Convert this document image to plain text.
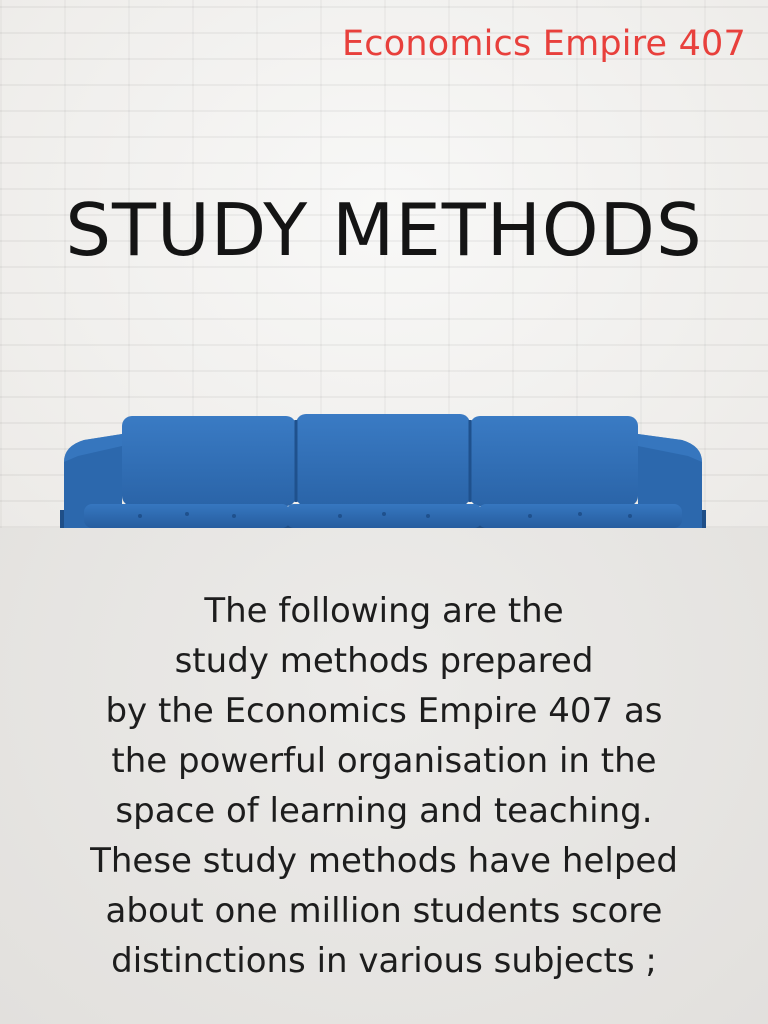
Economics Empire 407
STUDY METHODS

The following are the
study methods prepared
by the Economics Empire 407 as
the powerful organisation in the
space of learning and teaching.
These study methods have helped
about one million students score
distinctions in various subjects ;
